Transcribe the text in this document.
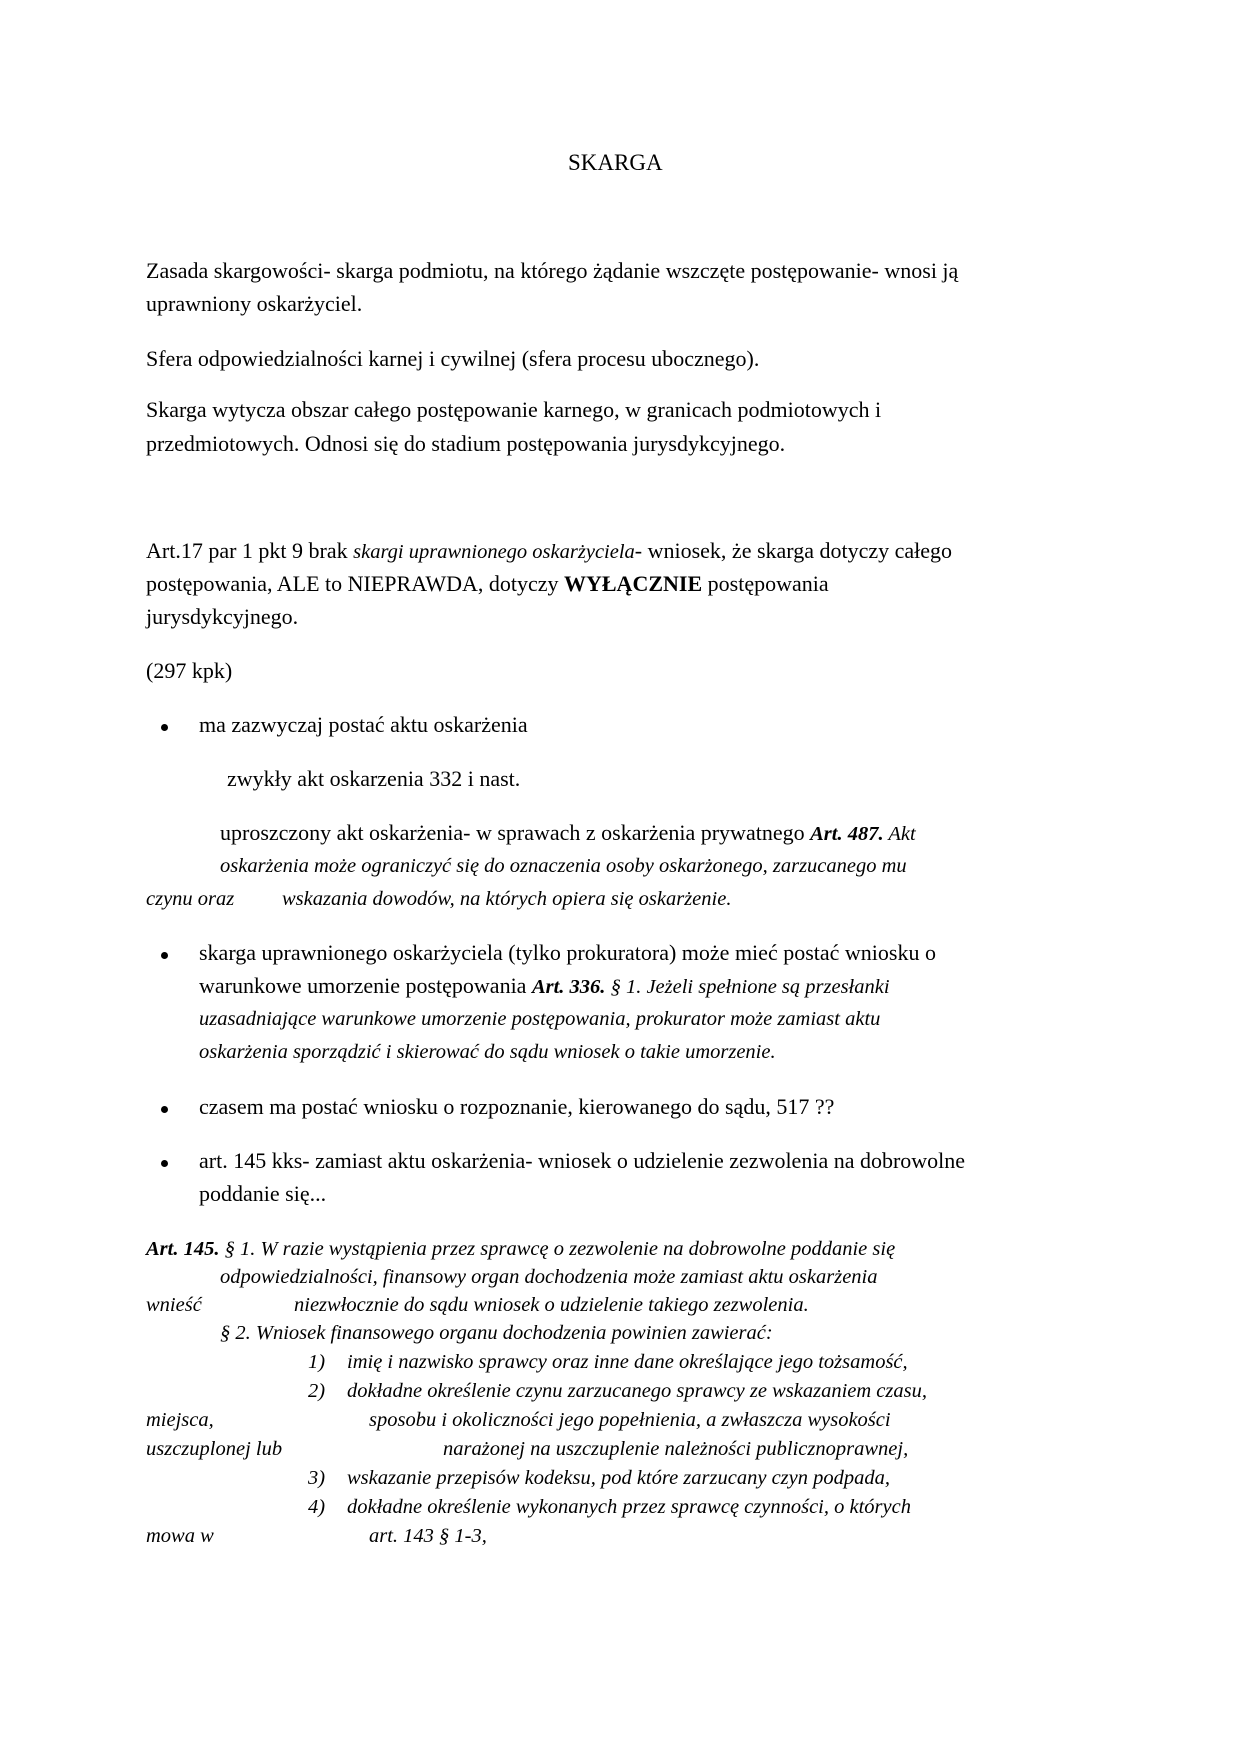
SKARGA
Zasada skargowości- skarga podmiotu, na którego żądanie wszczęte postępowanie- wnosi ją
uprawniony oskarżyciel.
Sfera odpowiedzialności karnej i cywilnej (sfera procesu ubocznego).
Skarga wytycza obszar całego postępowanie karnego, w granicach podmiotowych i
przedmiotowych. Odnosi się do stadium postępowania jurysdykcyjnego.
Art.17 par 1 pkt 9 brak skargi uprawnionego oskarżyciela- wniosek, że skarga dotyczy całego
postępowania, ALE to NIEPRAWDA, dotyczy WYŁĄCZNIE postępowania
jurysdykcyjnego.
(297 kpk)
ma zazwyczaj postać aktu oskarżenia
zwykły akt oskarzenia 332 i nast.
uproszczony akt oskarżenia- w sprawach z oskarżenia prywatnego Art. 487. Akt
oskarżenia może ograniczyć się do oznaczenia osoby oskarżonego, zarzucanego mu
czynu oraz wskazania dowodów, na których opiera się oskarżenie.
skarga uprawnionego oskarżyciela (tylko prokuratora) może mieć postać wniosku o
warunkowe umorzenie postępowania Art. 336. § 1. Jeżeli spełnione są przesłanki
uzasadniające warunkowe umorzenie postępowania, prokurator może zamiast aktu
oskarżenia sporządzić i skierować do sądu wniosek o takie umorzenie.
czasem ma postać wniosku o rozpoznanie, kierowanego do sądu, 517 ??
art. 145 kks- zamiast aktu oskarżenia- wniosek o udzielenie zezwolenia na dobrowolne
poddanie się...
Art. 145. § 1. W razie wystąpienia przez sprawcę o zezwolenie na dobrowolne poddanie się
odpowiedzialności, finansowy organ dochodzenia może zamiast aktu oskarżenia
wnieść	niezwłocznie do sądu wniosek o udzielenie takiego zezwolenia.
§ 2. Wniosek finansowego organu dochodzenia powinien zawierać:
1) imię i nazwisko sprawcy oraz inne dane określające jego tożsamość,
2) dokładne określenie czynu zarzucanego sprawcy ze wskazaniem czasu,
miejsca,	sposobu i okoliczności jego popełnienia, a zwłaszcza wysokości
uszczuplonej lub	narażonej na uszczuplenie należności publicznoprawnej,
3) wskazanie przepisów kodeksu, pod które zarzucany czyn podpada,
4) dokładne określenie wykonanych przez sprawcę czynności, o których
mowa w	art. 143 § 1-3,
